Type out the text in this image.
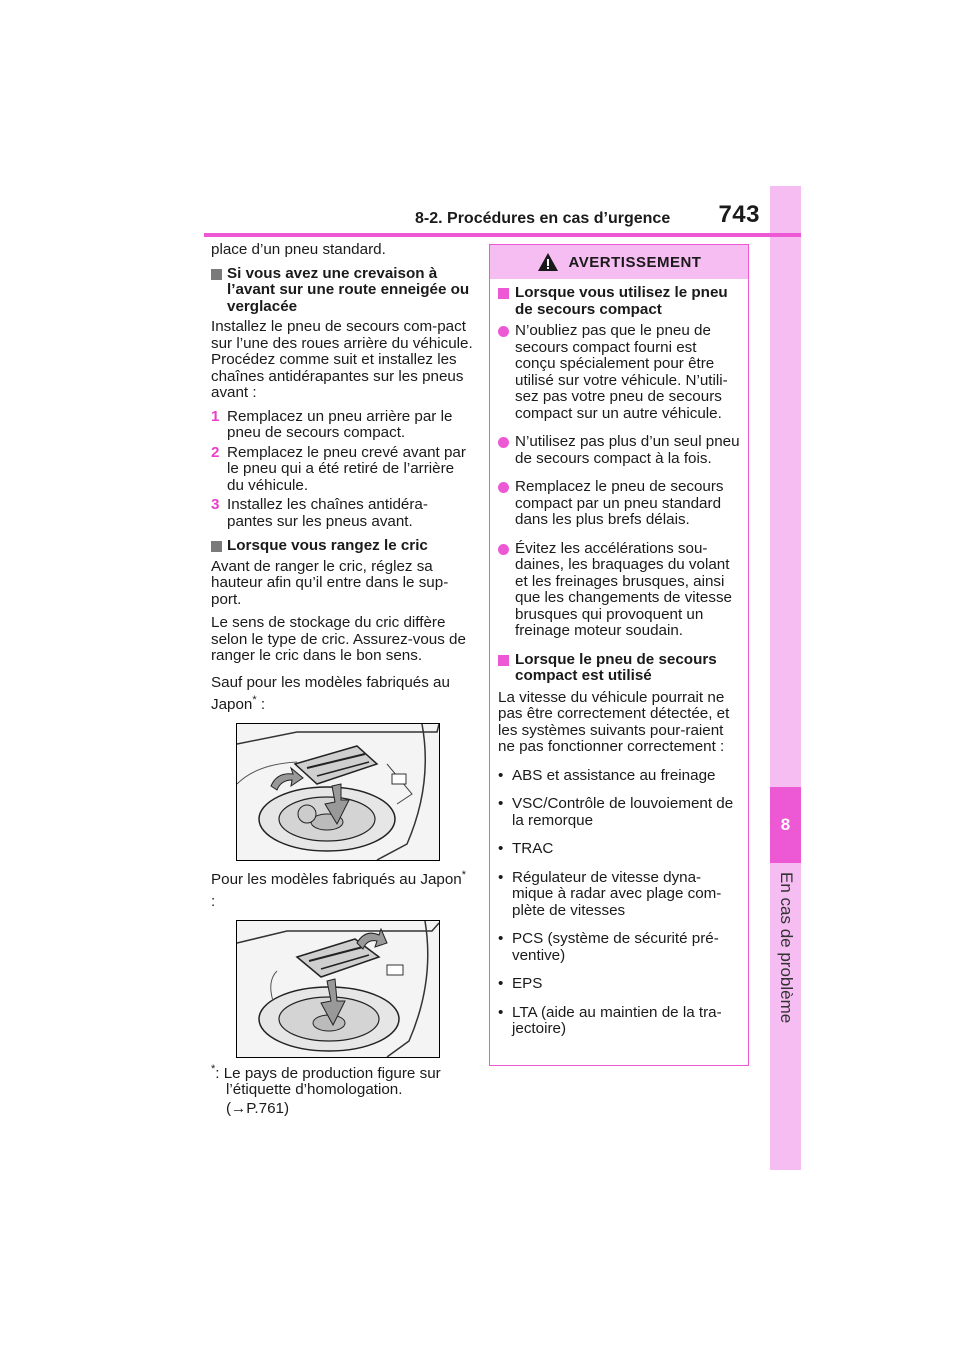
8
En cas de problème
8-2. Procédures en cas d’urgence 743

place d’un pneu standard.

Si vous avez une crevaison à l’avant sur une route enneigée ou verglacée

Installez le pneu de secours com-pact sur l’une des roues arrière du véhicule. Procédez comme suit et installez les chaînes antidérapantes sur les pneus avant :

1 Remplacez un pneu arrière par le pneu de secours compact.
2 Remplacez le pneu crevé avant par le pneu qui a été retiré de l’arrière du véhicule.
3 Installez les chaînes antidéra-pantes sur les pneus avant.
Lorsque vous rangez le cric

Avant de ranger le cric, réglez sa hauteur afin qu’il entre dans le sup-port.

Le sens de stockage du cric diffère selon le type de cric. Assurez-vous de ranger le cric dans le bon sens.

Sauf pour les modèles fabriqués au Japon* :

Pour les modèles fabriqués au Japon* :

*: Le pays de production figure sur l’étiquette d’homologation.

(→P.761)

AVERTISSEMENT
Lorsque vous utilisez le pneu de secours compact
N’oubliez pas que le pneu de secours compact fourni est conçu spécialement pour être utilisé sur votre véhicule. N’utili-sez pas votre pneu de secours compact sur un autre véhicule.
N’utilisez pas plus d’un seul pneu de secours compact à la fois.
Remplacez le pneu de secours compact par un pneu standard dans les plus brefs délais.
Évitez les accélérations sou-daines, les braquages du volant et les freinages brusques, ainsi que les changements de vitesse brusques qui provoquent un freinage moteur soudain.
Lorsque le pneu de secours compact est utilisé

La vitesse du véhicule pourrait ne pas être correctement détectée, et les systèmes suivants pour-raient ne pas fonctionner correctement :

• ABS et assistance au freinage
• VSC/Contrôle de louvoiement de la remorque
• TRAC
• Régulateur de vitesse dyna-mique à radar avec plage com-plète de vitesses
• PCS (système de sécurité pré-ventive)
• EPS
• LTA (aide au maintien de la tra-jectoire)
